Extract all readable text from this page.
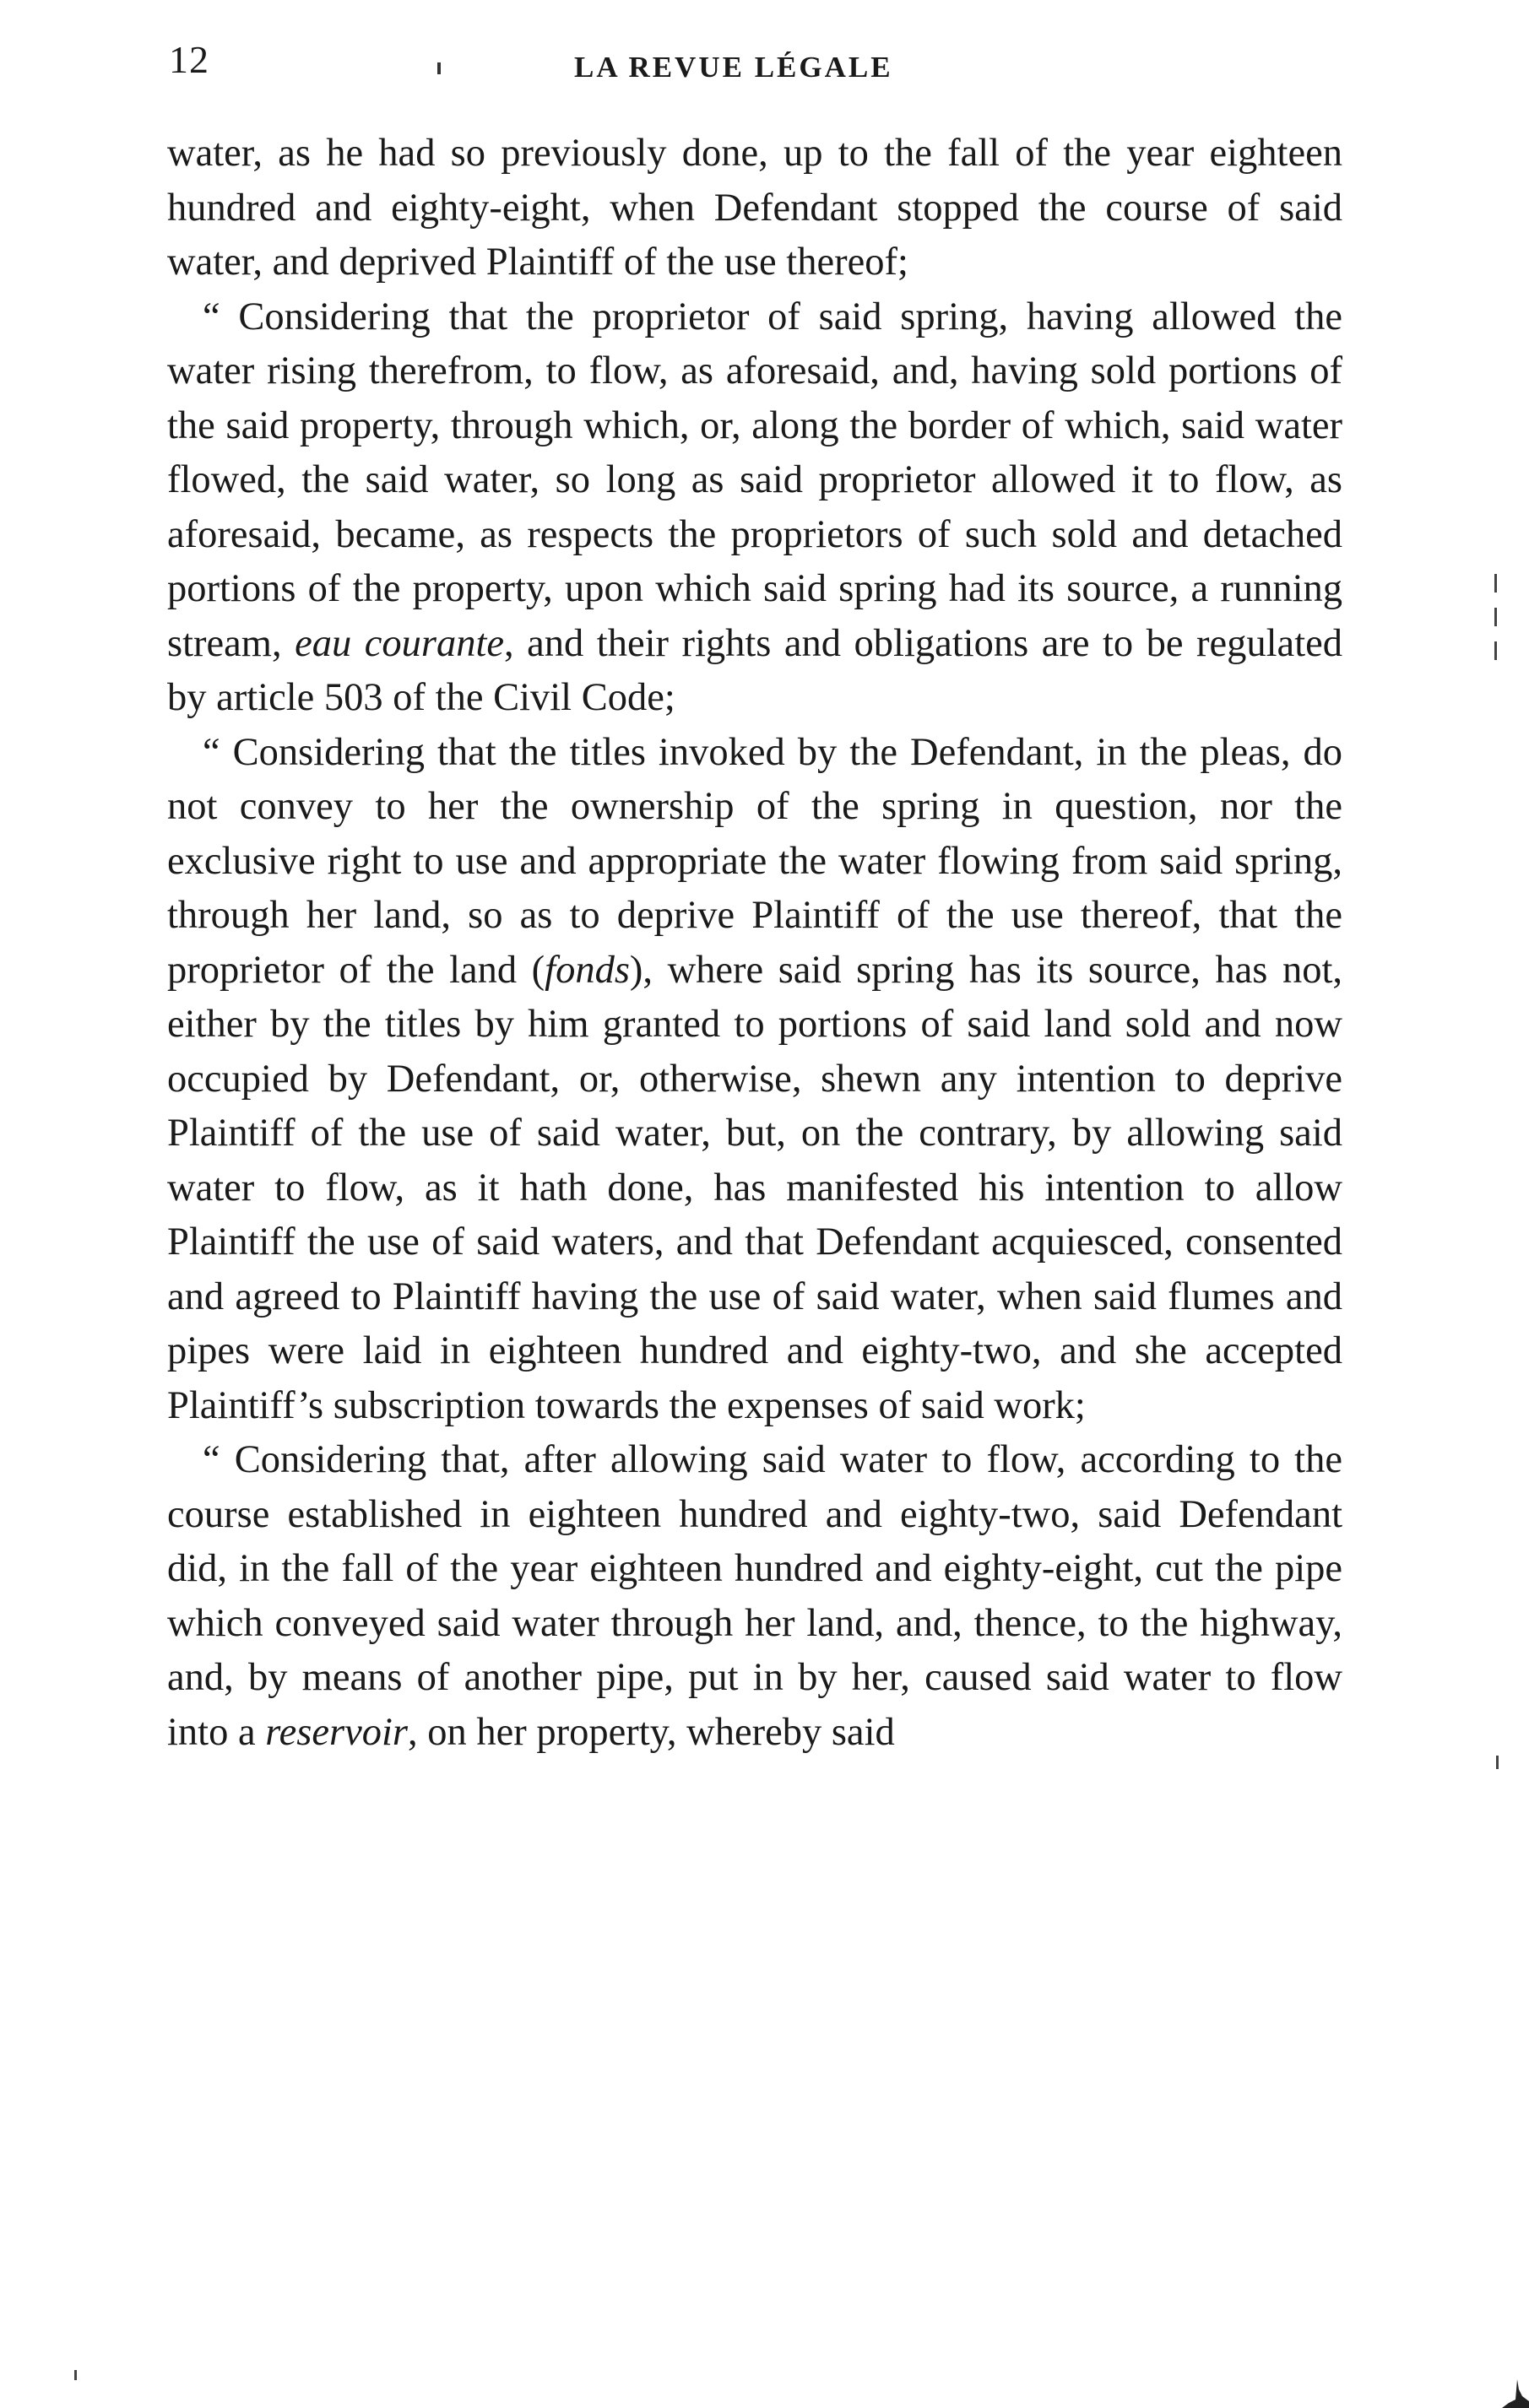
12	LA REVUE LÉGALE

water, as he had so previously done, up to the fall of the year eighteen hundred and eighty-eight, when Defendant stopped the course of said water, and deprived Plaintiff of the use thereof;

“ Considering that the proprietor of said spring, having allowed the water rising therefrom, to flow, as aforesaid, and, having sold portions of the said property, through which, or, along the border of which, said water flowed, the said water, so long as said proprietor allowed it to flow, as aforesaid, became, as respects the proprietors of such sold and detached portions of the property, upon which said spring had its source, a running stream, eau courante, and their rights and obligations are to be regulated by article 503 of the Civil Code;

“ Considering that the titles invoked by the Defendant, in the pleas, do not convey to her the ownership of the spring in question, nor the exclusive right to use and appropriate the water flowing from said spring, through her land, so as to deprive Plaintiff of the use thereof, that the proprietor of the land (fonds), where said spring has its source, has not, either by the titles by him granted to portions of said land sold and now occupied by Defendant, or, otherwise, shewn any intention to deprive Plaintiff of the use of said water, but, on the contrary, by allowing said water to flow, as it hath done, has manifested his intention to allow Plaintiff the use of said waters, and that Defendant acquiesced, consented and agreed to Plaintiff having the use of said water, when said flumes and pipes were laid in eighteen hundred and eighty-two, and she accepted Plaintiff’s subscription towards the expenses of said work;

“ Considering that, after allowing said water to flow, according to the course established in eighteen hundred and eighty-two, said Defendant did, in the fall of the year eighteen hundred and eighty-eight, cut the pipe which conveyed said water through her land, and, thence, to the highway, and, by means of another pipe, put in by her, caused said water to flow into a reservoir, on her property, whereby said
